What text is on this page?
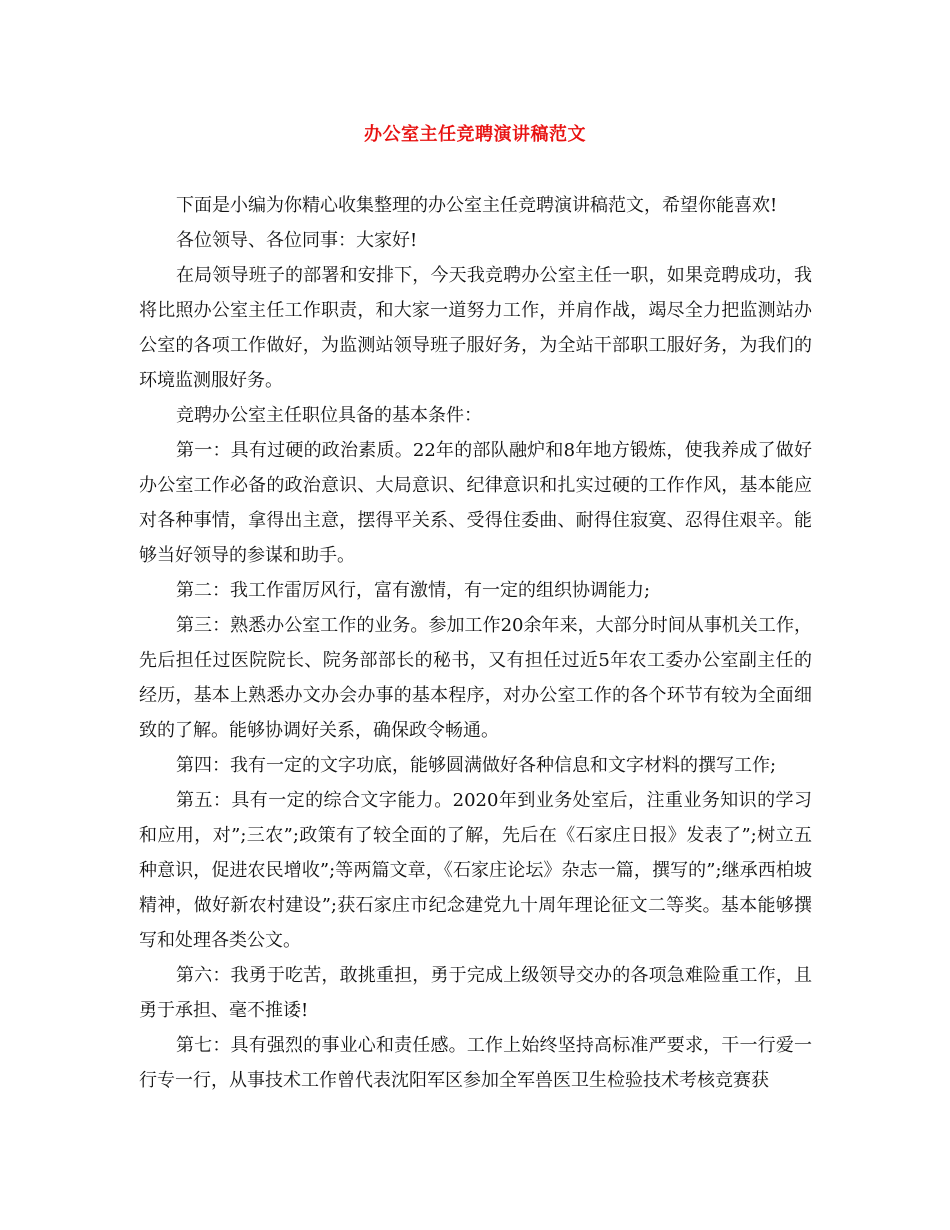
办公室主任竞聘演讲稿范文

下面是小编为你精心收集整理的办公室主任竞聘演讲稿范文，希望你能喜欢!

各位领导、各位同事：大家好!

在局领导班子的部署和安排下，今天我竞聘办公室主任一职，如果竞聘成功，我将比照办公室主任工作职责，和大家一道努力工作，并肩作战，竭尽全力把监测站办公室的各项工作做好，为监测站领导班子服好务，为全站干部职工服好务，为我们的环境监测服好务。

竞聘办公室主任职位具备的基本条件：

第一：具有过硬的政治素质。22年的部队融炉和8年地方锻炼，使我养成了做好办公室工作必备的政治意识、大局意识、纪律意识和扎实过硬的工作作风，基本能应对各种事情，拿得出主意，摆得平关系、受得住委曲、耐得住寂寞、忍得住艰辛。能够当好领导的参谋和助手。

第二：我工作雷厉风行，富有激情，有一定的组织协调能力;

第三：熟悉办公室工作的业务。参加工作20余年来，大部分时间从事机关工作，先后担任过医院院长、院务部部长的秘书，又有担任过近5年农工委办公室副主任的经历，基本上熟悉办文办会办事的基本程序，对办公室工作的各个环节有较为全面细致的了解。能够协调好关系，确保政令畅通。

第四：我有一定的文字功底，能够圆满做好各种信息和文字材料的撰写工作;

第五：具有一定的综合文字能力。2020年到业务处室后，注重业务知识的学习和应用，对”;三农”;政策有了较全面的了解，先后在《石家庄日报》发表了”;树立五种意识，促进农民增收”;等两篇文章，《石家庄论坛》杂志一篇，撰写的”;继承西柏坡精神，做好新农村建设”;获石家庄市纪念建党九十周年理论征文二等奖。基本能够撰写和处理各类公文。

第六：我勇于吃苦，敢挑重担，勇于完成上级领导交办的各项急难险重工作，且勇于承担、毫不推诿!

第七：具有强烈的事业心和责任感。工作上始终坚持高标准严要求，干一行爱一行专一行，从事技术工作曾代表沈阳军区参加全军兽医卫生检验技术考核竞赛获
